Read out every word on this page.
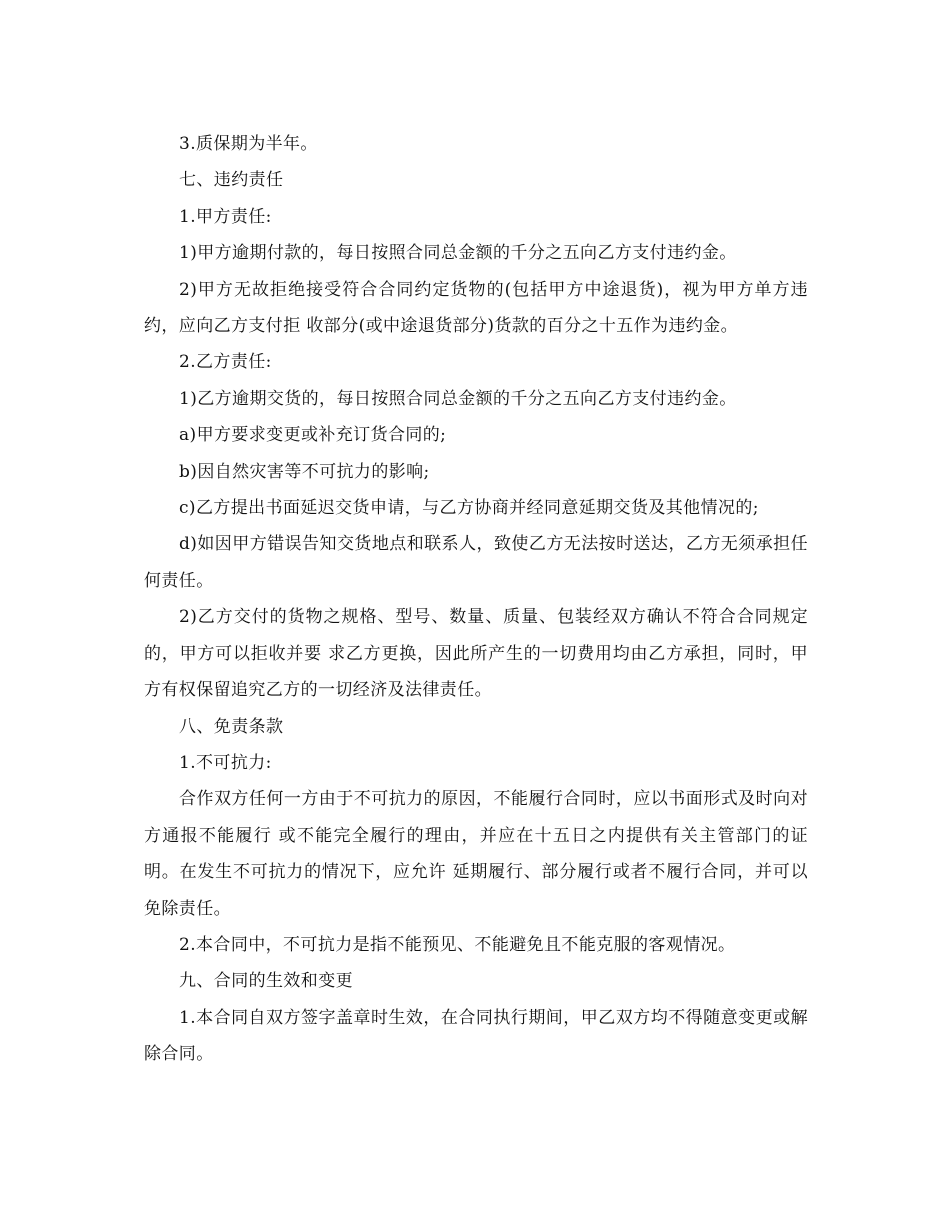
3.质保期为半年。

七、违约责任

1.甲方责任:

1)甲方逾期付款的，每日按照合同总金额的千分之五向乙方支付违约金。

2)甲方无故拒绝接受符合合同约定货物的(包括甲方中途退货)，视为甲方单方违约，应向乙方支付拒 收部分(或中途退货部分)货款的百分之十五作为违约金。

2.乙方责任:

1)乙方逾期交货的，每日按照合同总金额的千分之五向乙方支付违约金。

a)甲方要求变更或补充订货合同的;

b)因自然灾害等不可抗力的影响;

c)乙方提出书面延迟交货申请，与乙方协商并经同意延期交货及其他情况的;

d)如因甲方错误告知交货地点和联系人，致使乙方无法按时送达，乙方无须承担任何责任。

2)乙方交付的货物之规格、型号、数量、质量、包装经双方确认不符合合同规定的，甲方可以拒收并要 求乙方更换，因此所产生的一切费用均由乙方承担，同时，甲方有权保留追究乙方的一切经济及法律责任。

八、免责条款

1.不可抗力:

合作双方任何一方由于不可抗力的原因，不能履行合同时，应以书面形式及时向对方通报不能履行 或不能完全履行的理由，并应在十五日之内提供有关主管部门的证明。在发生不可抗力的情况下，应允许 延期履行、部分履行或者不履行合同，并可以免除责任。

2.本合同中，不可抗力是指不能预见、不能避免且不能克服的客观情况。

九、合同的生效和变更

1.本合同自双方签字盖章时生效，在合同执行期间，甲乙双方均不得随意变更或解除合同。
